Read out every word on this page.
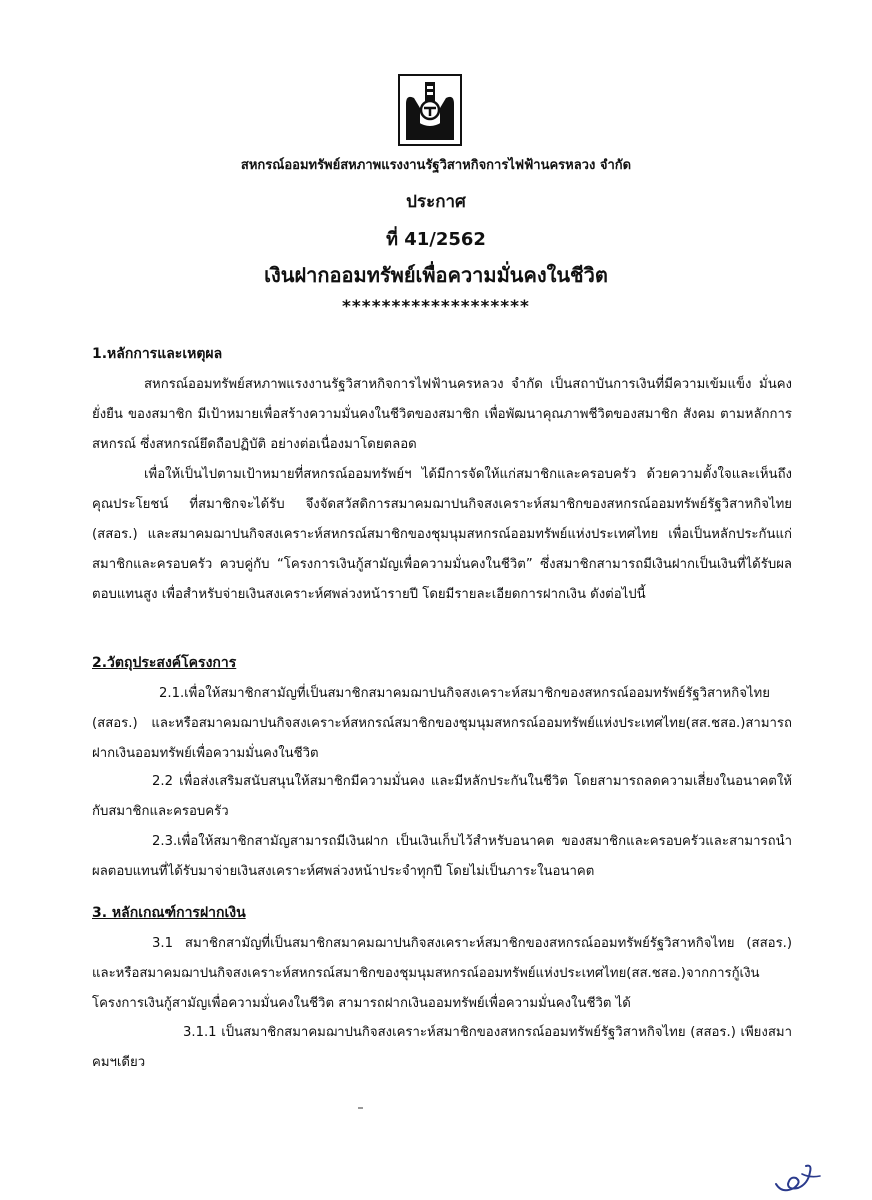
สหกรณ์ออมทรัพย์สหภาพแรงงานรัฐวิสาหกิจการไฟฟ้านครหลวง จำกัด
ประกาศ
ที่ 41/2562
เงินฝากออมทรัพย์เพื่อความมั่นคงในชีวิต
*******************
1.หลักการและเหตุผล
สหกรณ์ออมทรัพย์สหภาพแรงงานรัฐวิสาหกิจการไฟฟ้านครหลวง จำกัด เป็นสถาบันการเงินที่มีความเข้มแข็ง มั่นคงยั่งยืน ของสมาชิก มีเป้าหมายเพื่อสร้างความมั่นคงในชีวิตของสมาชิก เพื่อพัฒนาคุณภาพชีวิตของสมาชิก สังคม ตามหลักการสหกรณ์ ซึ่งสหกรณ์ยึดถือปฏิบัติ อย่างต่อเนื่องมาโดยตลอด
เพื่อให้เป็นไปตามเป้าหมายที่สหกรณ์ออมทรัพย์ฯ ได้มีการจัดให้แก่สมาชิกและครอบครัว ด้วยความตั้งใจและเห็นถึงคุณประโยชน์ ที่สมาชิกจะได้รับ จึงจัดสวัสดิการสมาคมฌาปนกิจสงเคราะห์สมาชิกของสหกรณ์ออมทรัพย์รัฐวิสาหกิจไทย (สสอร.) และสมาคมฌาปนกิจสงเคราะห์สหกรณ์สมาชิกของชุมนุมสหกรณ์ออมทรัพย์แห่งประเทศไทย เพื่อเป็นหลักประกันแก่สมาชิกและครอบครัว ควบคู่กับ “โครงการเงินกู้สามัญเพื่อความมั่นคงในชีวิต” ซึ่งสมาชิกสามารถมีเงินฝากเป็นเงินที่ได้รับผลตอบแทนสูง เพื่อสำหรับจ่ายเงินสงเคราะห์ศพล่วงหน้ารายปี โดยมีรายละเอียดการฝากเงิน ดังต่อไปนี้
2.วัตถุประสงค์โครงการ
2.1.เพื่อให้สมาชิกสามัญที่เป็นสมาชิกสมาคมฌาปนกิจสงเคราะห์สมาชิกของสหกรณ์ออมทรัพย์รัฐวิสาหกิจไทย (สสอร.) และหรือสมาคมฌาปนกิจสงเคราะห์สหกรณ์สมาชิกของชุมนุมสหกรณ์ออมทรัพย์แห่งประเทศไทย(สส.ชสอ.)สามารถฝากเงินออมทรัพย์เพื่อความมั่นคงในชีวิต
2.2 เพื่อส่งเสริมสนับสนุนให้สมาชิกมีความมั่นคง และมีหลักประกันในชีวิต โดยสามารถลดความเสี่ยงในอนาคตให้กับสมาชิกและครอบครัว
2.3.เพื่อให้สมาชิกสามัญสามารถมีเงินฝาก เป็นเงินเก็บไว้สำหรับอนาคต ของสมาชิกและครอบครัวและสามารถนำผลตอบแทนที่ได้รับมาจ่ายเงินสงเคราะห์ศพล่วงหน้าประจำทุกปี โดยไม่เป็นภาระในอนาคต
3. หลักเกณฑ์การฝากเงิน
3.1 สมาชิกสามัญที่เป็นสมาชิกสมาคมฌาปนกิจสงเคราะห์สมาชิกของสหกรณ์ออมทรัพย์รัฐวิสาหกิจไทย (สสอร.) และหรือสมาคมฌาปนกิจสงเคราะห์สหกรณ์สมาชิกของชุมนุมสหกรณ์ออมทรัพย์แห่งประเทศไทย(สส.ชสอ.)จากการกู้เงินโครงการเงินกู้สามัญเพื่อความมั่นคงในชีวิต สามารถฝากเงินออมทรัพย์เพื่อความมั่นคงในชีวิต ได้
3.1.1 เป็นสมาชิกสมาคมฌาปนกิจสงเคราะห์สมาชิกของสหกรณ์ออมทรัพย์รัฐวิสาหกิจไทย (สสอร.) เพียงสมาคมฯเดียว
